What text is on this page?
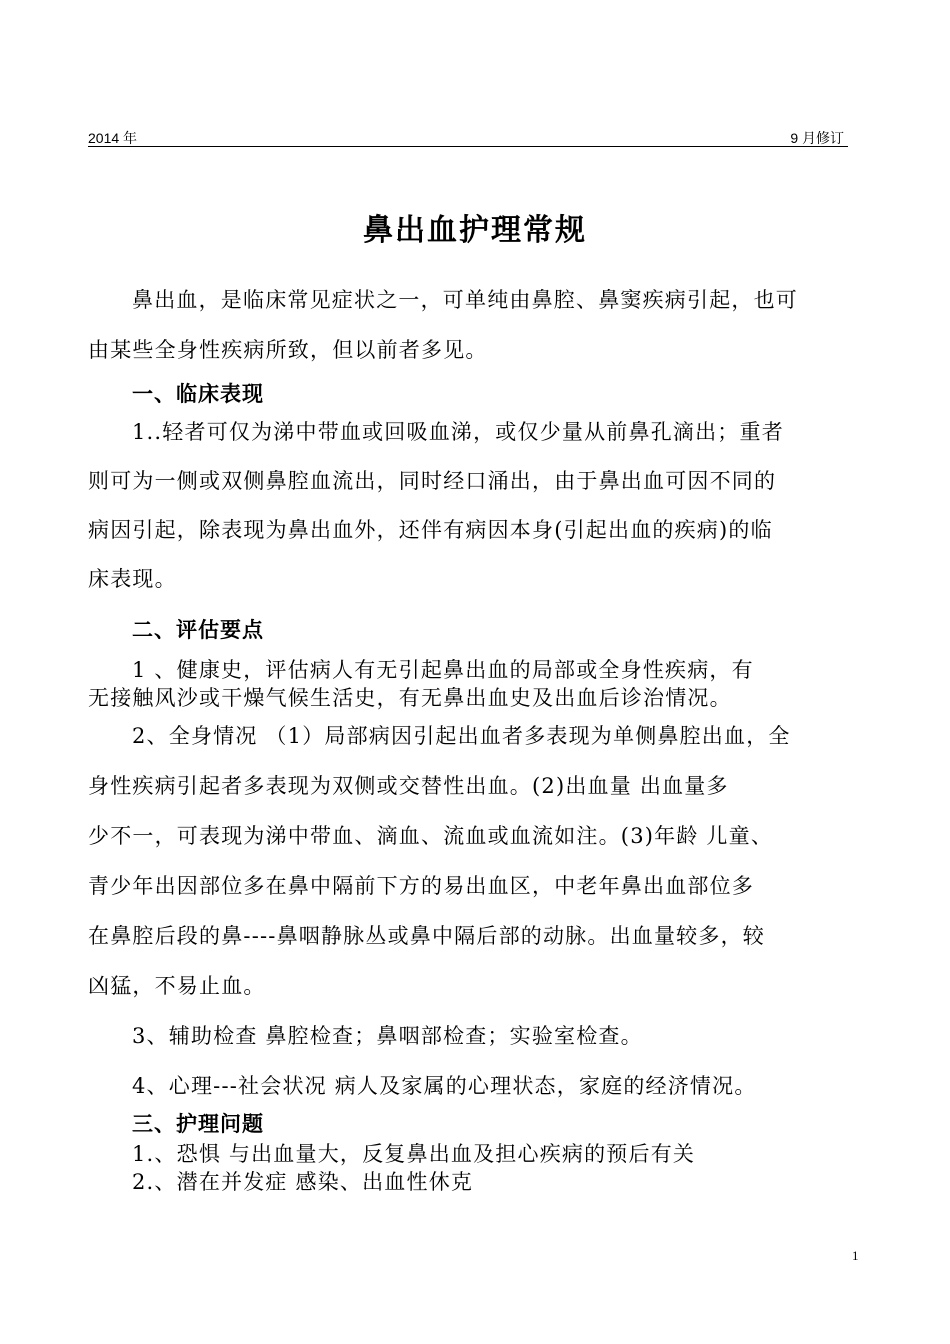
2014 年	9 月修订
鼻出血护理常规
鼻出血，是临床常见症状之一，可单纯由鼻腔、鼻窦疾病引起，也可
由某些全身性疾病所致，但以前者多见。
一、临床表现
1..轻者可仅为涕中带血或回吸血涕，或仅少量从前鼻孔滴出；重者
则可为一侧或双侧鼻腔血流出，同时经口涌出，由于鼻出血可因不同的
病因引起，除表现为鼻出血外，还伴有病因本身(引起出血的疾病)的临
床表现。
二、评估要点
1 、健康史，评估病人有无引起鼻出血的局部或全身性疾病，有
无接触风沙或干燥气候生活史，有无鼻出血史及出血后诊治情况。
2、全身情况 （1）局部病因引起出血者多表现为单侧鼻腔出血，全
身性疾病引起者多表现为双侧或交替性出血。(2)出血量 出血量多
少不一，可表现为涕中带血、滴血、流血或血流如注。(3)年龄 儿童、
青少年出因部位多在鼻中隔前下方的易出血区，中老年鼻出血部位多
在鼻腔后段的鼻----鼻咽静脉丛或鼻中隔后部的动脉。出血量较多，较
凶猛，不易止血。
3、辅助检查 鼻腔检查；鼻咽部检查；实验室检查。
4、心理---社会状况 病人及家属的心理状态，家庭的经济情况。
三、护理问题
1.、恐惧 与出血量大，反复鼻出血及担心疾病的预后有关
2.、潜在并发症 感染、出血性休克
1
